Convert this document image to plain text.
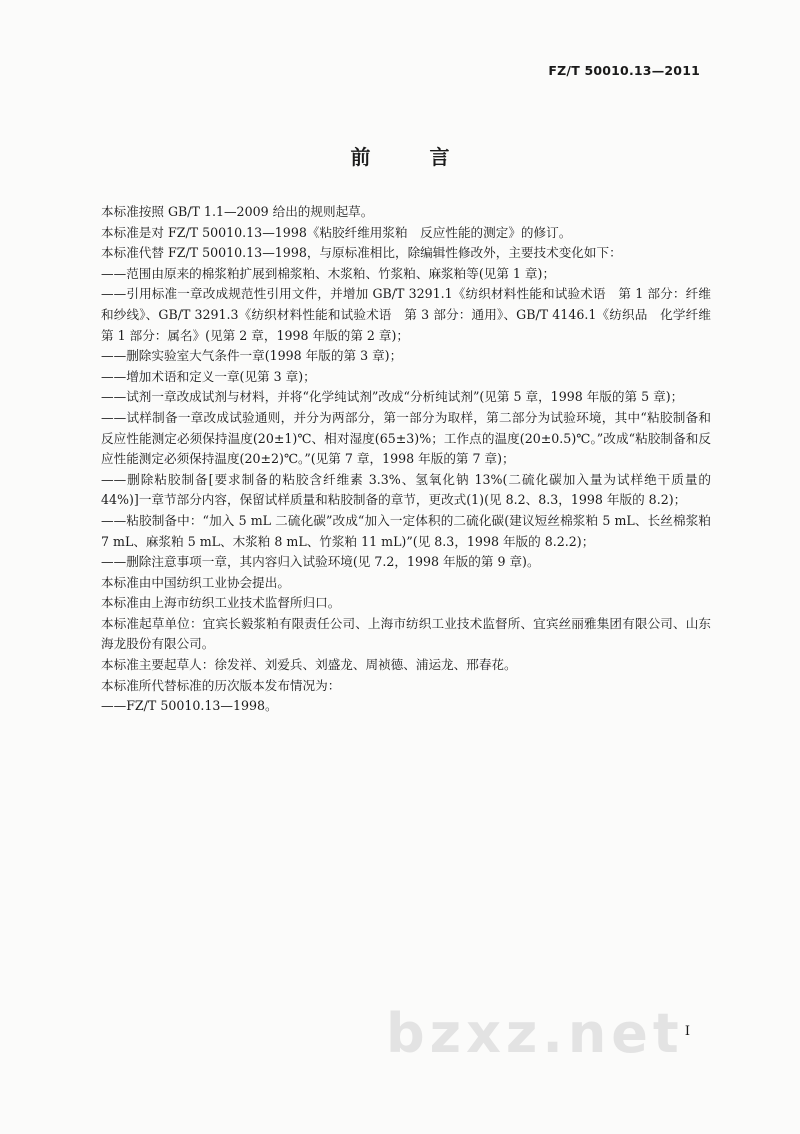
FZ/T 50010.13—2011
前 言

本标准按照 GB/T 1.1—2009 给出的规则起草。

本标准是对 FZ/T 50010.13—1998《粘胶纤维用浆粕　反应性能的测定》的修订。

本标准代替 FZ/T 50010.13—1998，与原标准相比，除编辑性修改外，主要技术变化如下：

——范围由原来的棉浆粕扩展到棉浆粕、木浆粕、竹浆粕、麻浆粕等(见第 1 章)；

——引用标准一章改成规范性引用文件，并增加 GB/T 3291.1《纺织材料性能和试验术语　第 1 部分：纤维和纱线》、GB/T 3291.3《纺织材料性能和试验术语　第 3 部分：通用》、GB/T 4146.1《纺织品　化学纤维　第 1 部分：属名》(见第 2 章，1998 年版的第 2 章)；

——删除实验室大气条件一章(1998 年版的第 3 章)；

——增加术语和定义一章(见第 3 章)；

——试剂一章改成试剂与材料，并将“化学纯试剂”改成“分析纯试剂”(见第 5 章，1998 年版的第 5 章)；

——试样制备一章改成试验通则，并分为两部分，第一部分为取样，第二部分为试验环境，其中“粘胶制备和反应性能测定必须保持温度(20±1)℃、相对湿度(65±3)%；工作点的温度(20±0.5)℃。”改成“粘胶制备和反应性能测定必须保持温度(20±2)℃。”(见第 7 章，1998 年版的第 7 章)；

——删除粘胶制备[要求制备的粘胶含纤维素 3.3%、氢氧化钠 13%(二硫化碳加入量为试样绝干质量的 44%)]一章节部分内容，保留试样质量和粘胶制备的章节，更改式(1)(见 8.2、8.3，1998 年版的 8.2)；

——粘胶制备中：“加入 5 mL 二硫化碳”改成“加入一定体积的二硫化碳(建议短丝棉浆粕 5 mL、长丝棉浆粕 7 mL、麻浆粕 5 mL、木浆粕 8 mL、竹浆粕 11 mL)”(见 8.3，1998 年版的 8.2.2)；

——删除注意事项一章，其内容归入试验环境(见 7.2，1998 年版的第 9 章)。

本标准由中国纺织工业协会提出。

本标准由上海市纺织工业技术监督所归口。

本标准起草单位：宜宾长毅浆粕有限责任公司、上海市纺织工业技术监督所、宜宾丝丽雅集团有限公司、山东海龙股份有限公司。

本标准主要起草人：徐发祥、刘爱兵、刘盛龙、周祯德、浦运龙、邢春花。

本标准所代替标准的历次版本发布情况为：

——FZ/T 50010.13—1998。

bzxz.net I
